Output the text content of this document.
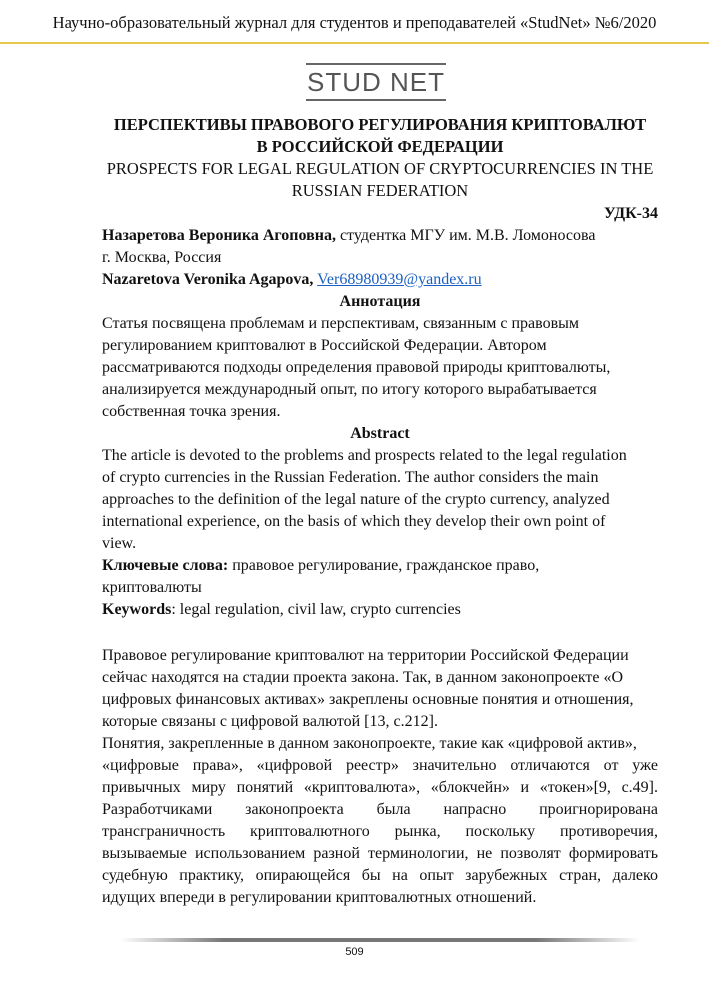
Научно-образовательный журнал для студентов и преподавателей «StudNet» №6/2020
STUD NET
ПЕРСПЕКТИВЫ ПРАВОВОГО РЕГУЛИРОВАНИЯ КРИПТОВАЛЮТ
В РОССИЙСКОЙ ФЕДЕРАЦИИ
PROSPECTS FOR LEGAL REGULATION OF CRYPTOCURRENCIES IN THE
RUSSIAN FEDERATION
УДК-34
Назаретова Вероника Агоповна, студентка МГУ им. М.В. Ломоносова
г. Москва, Россия
Nazaretova Veronika Agapova, Ver68980939@yandex.ru
Аннотация
Статья посвящена проблемам и перспективам, связанным с правовым
регулированием криптовалют в Российской Федерации. Автором
рассматриваются подходы определения правовой природы криптовалюты,
анализируется международный опыт, по итогу которого вырабатывается
собственная точка зрения.
Abstract
The article is devoted to the problems and prospects related to the legal regulation
of crypto currencies in the Russian Federation. The author considers the main
approaches to the definition of the legal nature of the crypto currency, analyzed
international experience, on the basis of which they develop their own point of
view.
Ключевые слова: правовое регулирование, гражданское право,
криптовалюты
Keywords: legal regulation, civil law, crypto currencies
Правовое регулирование криптовалют на территории Российской Федерации
сейчас находятся на стадии проекта закона. Так, в данном законопроекте «О
цифровых финансовых активах» закреплены основные понятия и отношения,
которые связаны с цифровой валютой [13, с.212].
Понятия, закрепленные в данном законопроекте, такие как «цифровой актив»,
«цифровые права», «цифровой реестр» значительно отличаются от уже
привычных миру понятий «криптовалюта», «блокчейн» и «токен»[9, с.49].
Разработчиками законопроекта была напрасно проигнорирована
трансграничность криптовалютного рынка, поскольку противоречия,
вызываемые использованием разной терминологии, не позволят формировать
судебную практику, опирающейся бы на опыт зарубежных стран, далеко
идущих впереди в регулировании криптовалютных отношений.
509
